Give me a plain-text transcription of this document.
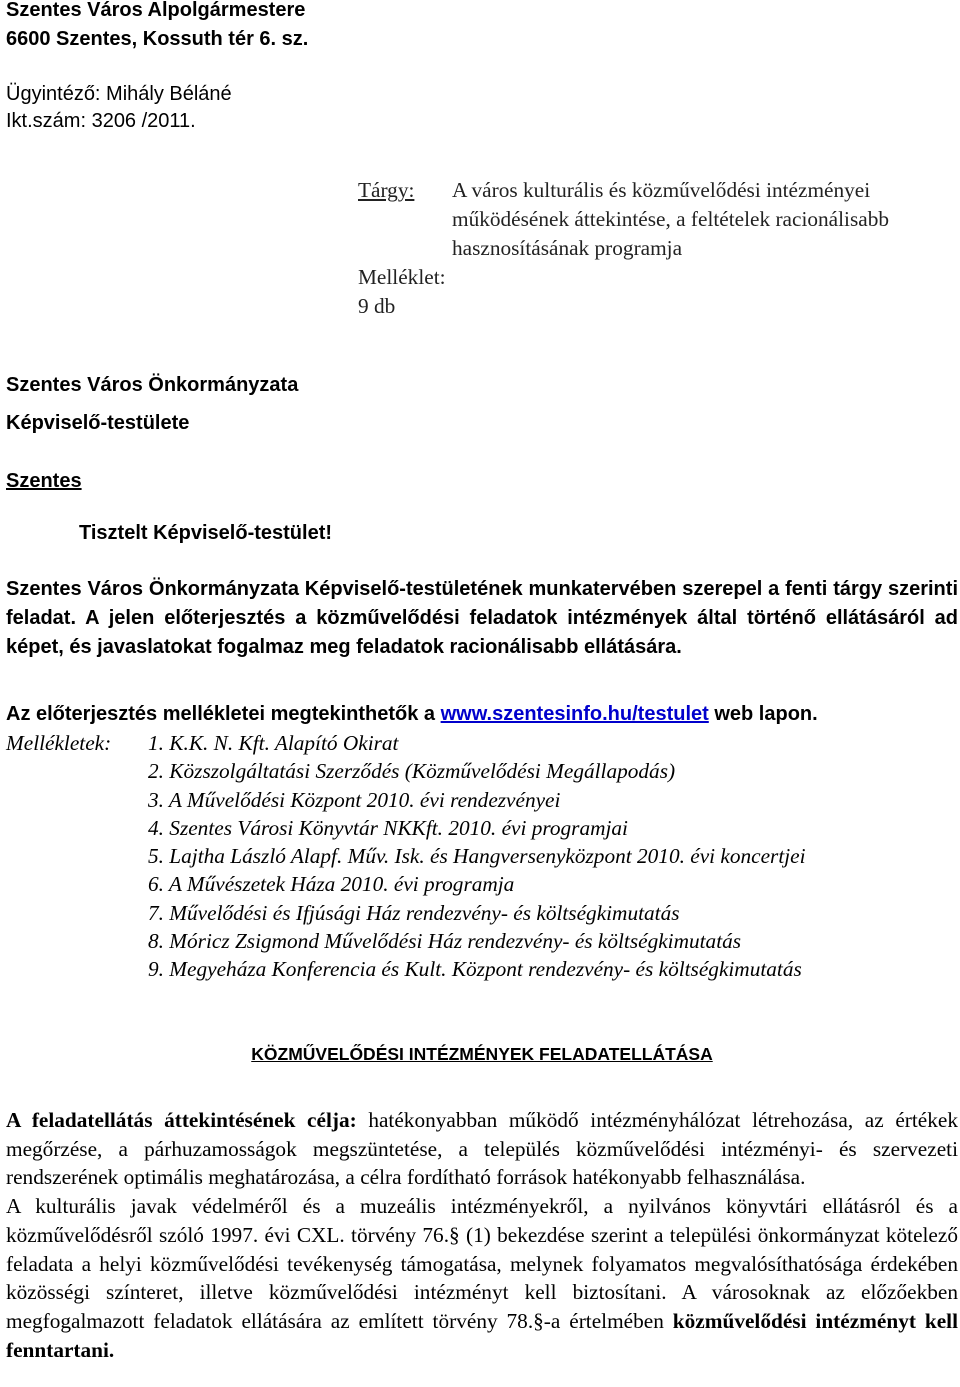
Szentes Város Alpolgármestere
6600 Szentes, Kossuth tér 6. sz.
Ügyintéző: Mihály Béláné
Ikt.szám: 3206 /2011.
Tárgy: A város kulturális és közművelődési intézményei működésének áttekintése, a feltételek racionálisabb hasznosításának programja
Melléklet: 9 db
Szentes Város Önkormányzata
Képviselő-testülete
Szentes
Tisztelt Képviselő-testület!
Szentes Város Önkormányzata Képviselő-testületének munkatervében szerepel a fenti tárgy szerinti feladat. A jelen előterjesztés a közművelődési feladatok intézmények által történő ellátásáról ad képet, és javaslatokat fogalmaz meg feladatok racionálisabb ellátására.
Az előterjesztés mellékletei megtekinthetők a www.szentesinfo.hu/testulet web lapon.
Mellékletek: 1. K.K. N. Kft. Alapító Okirat
2. Közszolgáltatási Szerződés (Közművelődési Megállapodás)
3. A Művelődési Központ 2010. évi rendezvényei
4. Szentes Városi Könyvtár NKKft. 2010. évi programjai
5. Lajtha László Alapf. Műv. Isk. és Hangversenyközpont 2010. évi koncertjei
6. A Művészetek Háza 2010. évi programja
7. Művelődési és Ifjúsági Ház rendezvény- és költségkimutatás
8. Móricz Zsigmond Művelődési Ház rendezvény- és költségkimutatás
9. Megyeháza Konferencia és Kult. Központ rendezvény- és költségkimutatás
KÖZMŰVELŐDÉSI INTÉZMÉNYEK FELADATELLÁTÁSA

A feladatellátás áttekintésének célja: hatékonyabban működő intézményhálózat létrehozása, az értékek megőrzése, a párhuzamosságok megszüntetése, a település közművelődési intézményi- és szervezeti rendszerének optimális meghatározása, a célra fordítható források hatékonyabb felhasználása.

A kulturális javak védelméről és a muzeális intézményekről, a nyilvános könyvtári ellátásról és a közművelődésről szóló 1997. évi CXL. törvény 76.§ (1) bekezdése szerint a települési önkormányzat kötelező feladata a helyi közművelődési tevékenység támogatása, melynek folyamatos megvalósíthatósága érdekében közösségi színteret, illetve közművelődési intézményt kell biztosítani. A városoknak az előzőekben megfogalmazott feladatok ellátására az említett törvény 78.§-a értelmében közművelődési intézményt kell fenntartani.
